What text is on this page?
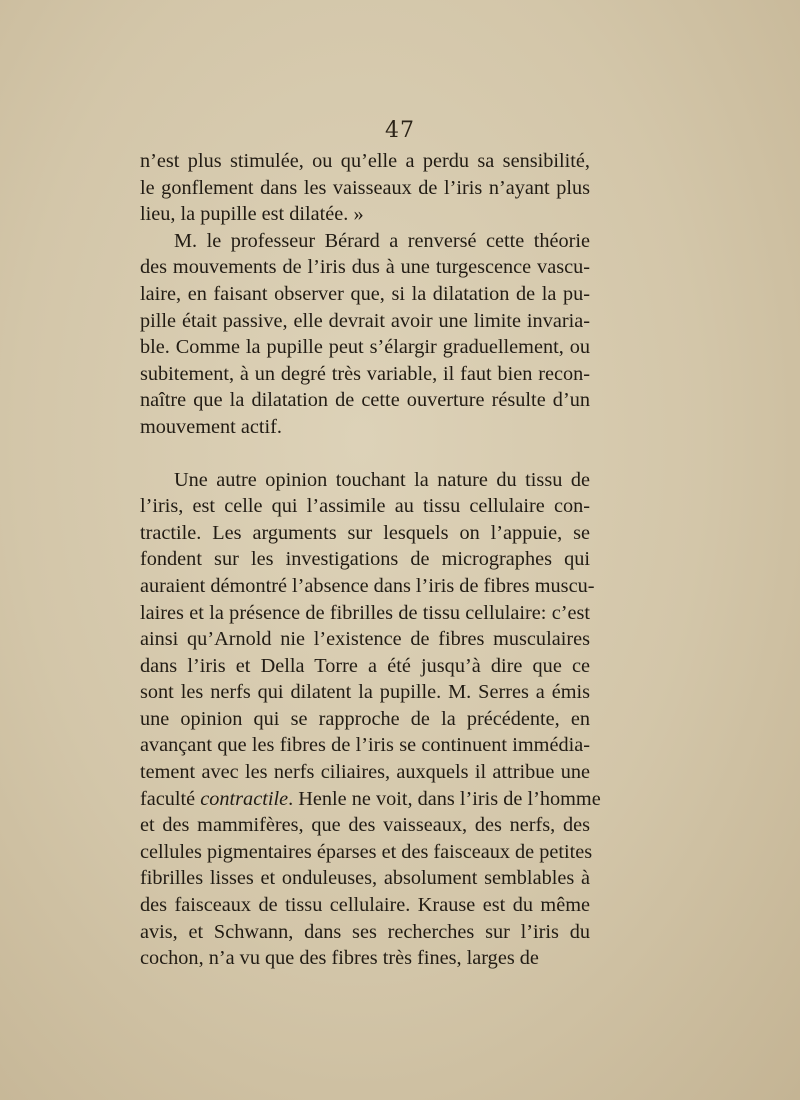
47
n’est plus stimulée, ou qu’elle a perdu sa sensibilité,
le gonflement dans les vaisseaux de l’iris n’ayant plus
lieu, la pupille est dilatée. »
M. le professeur Bérard a renversé cette théorie
des mouvements de l’iris dus à une turgescence vascu-
laire, en faisant observer que, si la dilatation de la pu-
pille était passive, elle devrait avoir une limite invaria-
ble. Comme la pupille peut s’élargir graduellement, ou
subitement, à un degré très variable, il faut bien recon-
naître que la dilatation de cette ouverture résulte d’un
mouvement actif.
Une autre opinion touchant la nature du tissu de
l’iris, est celle qui l’assimile au tissu cellulaire con-
tractile. Les arguments sur lesquels on l’appuie, se
fondent sur les investigations de micrographes qui
auraient démontré l’absence dans l’iris de fibres muscu-
laires et la présence de fibrilles de tissu cellulaire: c’est
ainsi qu’Arnold nie l’existence de fibres musculaires
dans l’iris et Della Torre a été jusqu’à dire que ce
sont les nerfs qui dilatent la pupille. M. Serres a émis
une opinion qui se rapproche de la précédente, en
avançant que les fibres de l’iris se continuent immédia-
tement avec les nerfs ciliaires, auxquels il attribue une
faculté contractile. Henle ne voit, dans l’iris de l’homme
et des mammifères, que des vaisseaux, des nerfs, des
cellules pigmentaires éparses et des faisceaux de petites
fibrilles lisses et onduleuses, absolument semblables à
des faisceaux de tissu cellulaire. Krause est du même
avis, et Schwann, dans ses recherches sur l’iris du
cochon, n’a vu que des fibres très fines, larges de
